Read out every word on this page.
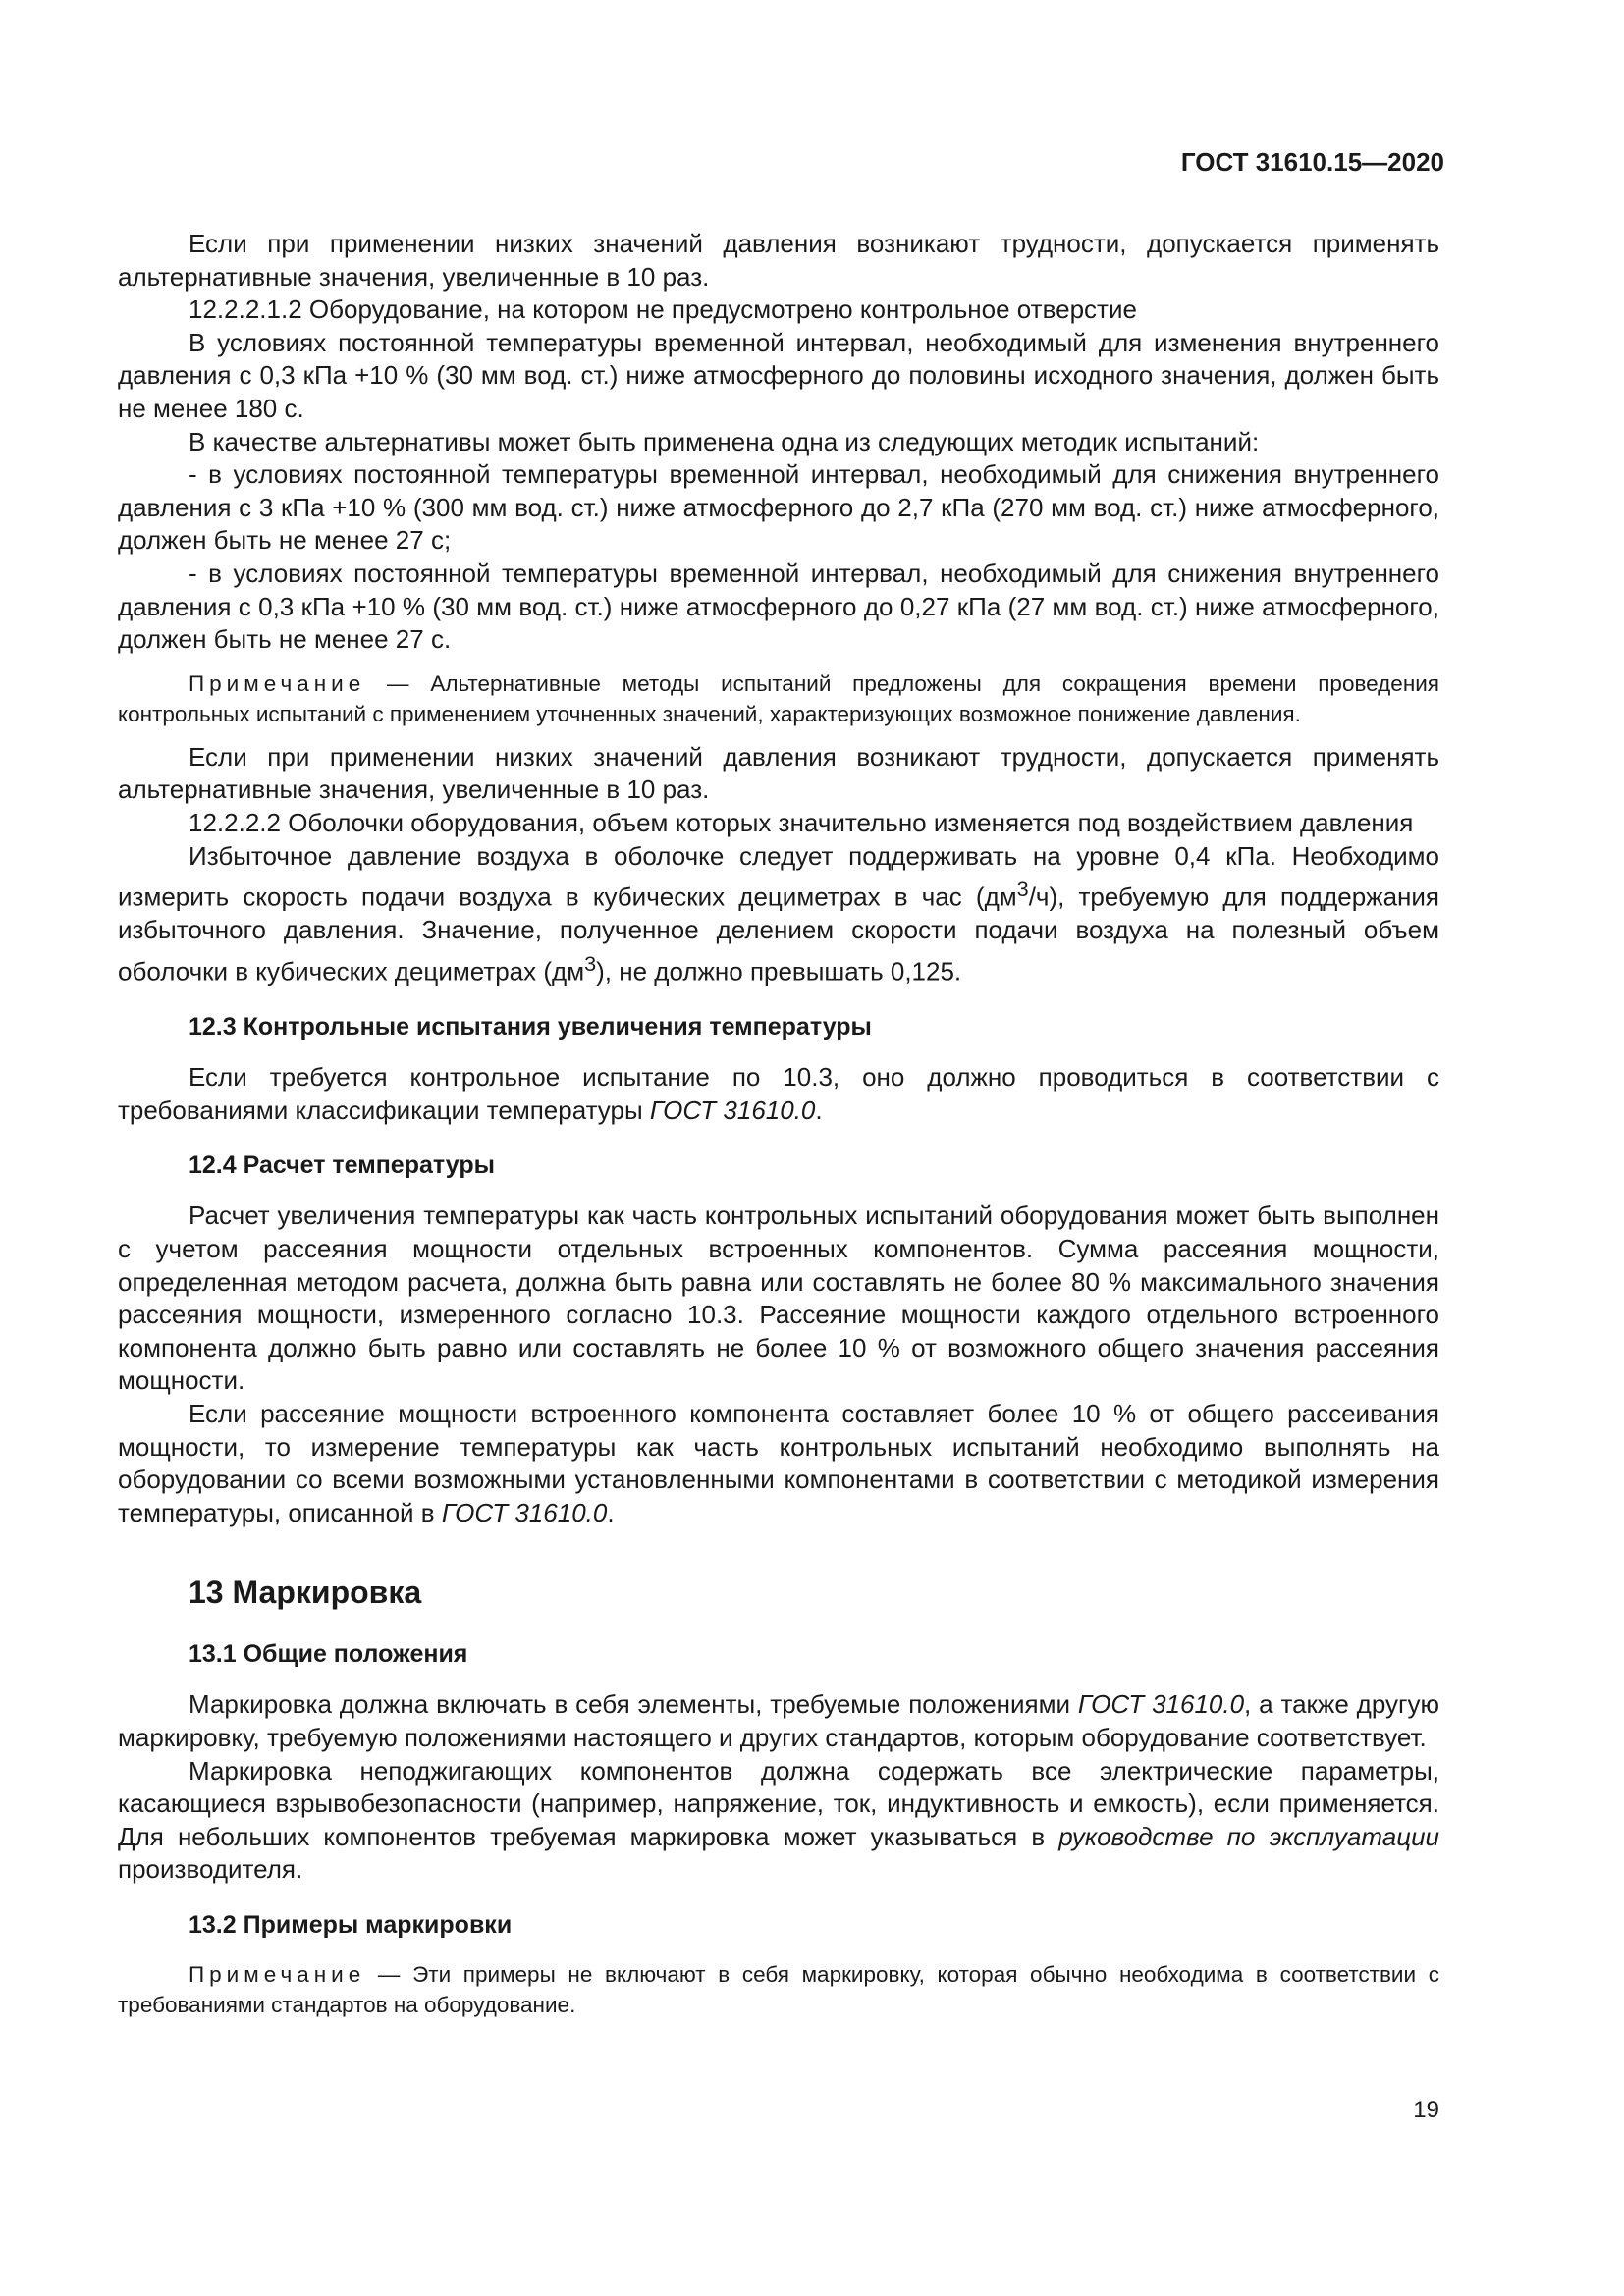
ГОСТ 31610.15—2020

Если при применении низких значений давления возникают трудности, допускается применять альтернативные значения, увеличенные в 10 раз.

12.2.2.1.2 Оборудование, на котором не предусмотрено контрольное отверстие

В условиях постоянной температуры временной интервал, необходимый для изменения внутреннего давления с 0,3 кПа +10 % (30 мм вод. ст.) ниже атмосферного до половины исходного значения, должен быть не менее 180 с.

В качестве альтернативы может быть применена одна из следующих методик испытаний:

- в условиях постоянной температуры временной интервал, необходимый для снижения внутреннего давления с 3 кПа +10 % (300 мм вод. ст.) ниже атмосферного до 2,7 кПа (270 мм вод. ст.) ниже атмосферного, должен быть не менее 27 с;

- в условиях постоянной температуры временной интервал, необходимый для снижения внутреннего давления с 0,3 кПа +10 % (30 мм вод. ст.) ниже атмосферного до 0,27 кПа (27 мм вод. ст.) ниже атмосферного, должен быть не менее 27 с.

Примечание — Альтернативные методы испытаний предложены для сокращения времени проведения контрольных испытаний с применением уточненных значений, характеризующих возможное понижение давления.

Если при применении низких значений давления возникают трудности, допускается применять альтернативные значения, увеличенные в 10 раз.

12.2.2.2 Оболочки оборудования, объем которых значительно изменяется под воздействием давления

Избыточное давление воздуха в оболочке следует поддерживать на уровне 0,4 кПа. Необходимо измерить скорость подачи воздуха в кубических дециметрах в час $(дм^3/ч)$, требуемую для поддержания избыточного давления. Значение, полученное делением скорости подачи воздуха на полезный объем оболочки в кубических дециметрах $(дм^3)$, не должно превышать 0,125.

12.3 Контрольные испытания увеличения температуры

Если требуется контрольное испытание по 10.3, оно должно проводиться в соответствии с требованиями классификации температуры ГОСТ 31610.0.

12.4 Расчет температуры

Расчет увеличения температуры как часть контрольных испытаний оборудования может быть выполнен с учетом рассеяния мощности отдельных встроенных компонентов. Сумма рассеяния мощности, определенная методом расчета, должна быть равна или составлять не более 80 % максимального значения рассеяния мощности, измеренного согласно 10.3. Рассеяние мощности каждого отдельного встроенного компонента должно быть равно или составлять не более 10 % от возможного общего значения рассеяния мощности.

Если рассеяние мощности встроенного компонента составляет более 10 % от общего рассеивания мощности, то измерение температуры как часть контрольных испытаний необходимо выполнять на оборудовании со всеми возможными установленными компонентами в соответствии с методикой измерения температуры, описанной в ГОСТ 31610.0.

13 Маркировка
13.1 Общие положения

Маркировка должна включать в себя элементы, требуемые положениями ГОСТ 31610.0, а также другую маркировку, требуемую положениями настоящего и других стандартов, которым оборудование соответствует.

Маркировка неподжигающих компонентов должна содержать все электрические параметры, касающиеся взрывобезопасности (например, напряжение, ток, индуктивность и емкость), если применяется. Для небольших компонентов требуемая маркировка может указываться в руководстве по эксплуатации производителя.

13.2 Примеры маркировки

Примечание — Эти примеры не включают в себя маркировку, которая обычно необходима в соответствии с требованиями стандартов на оборудование.

19
